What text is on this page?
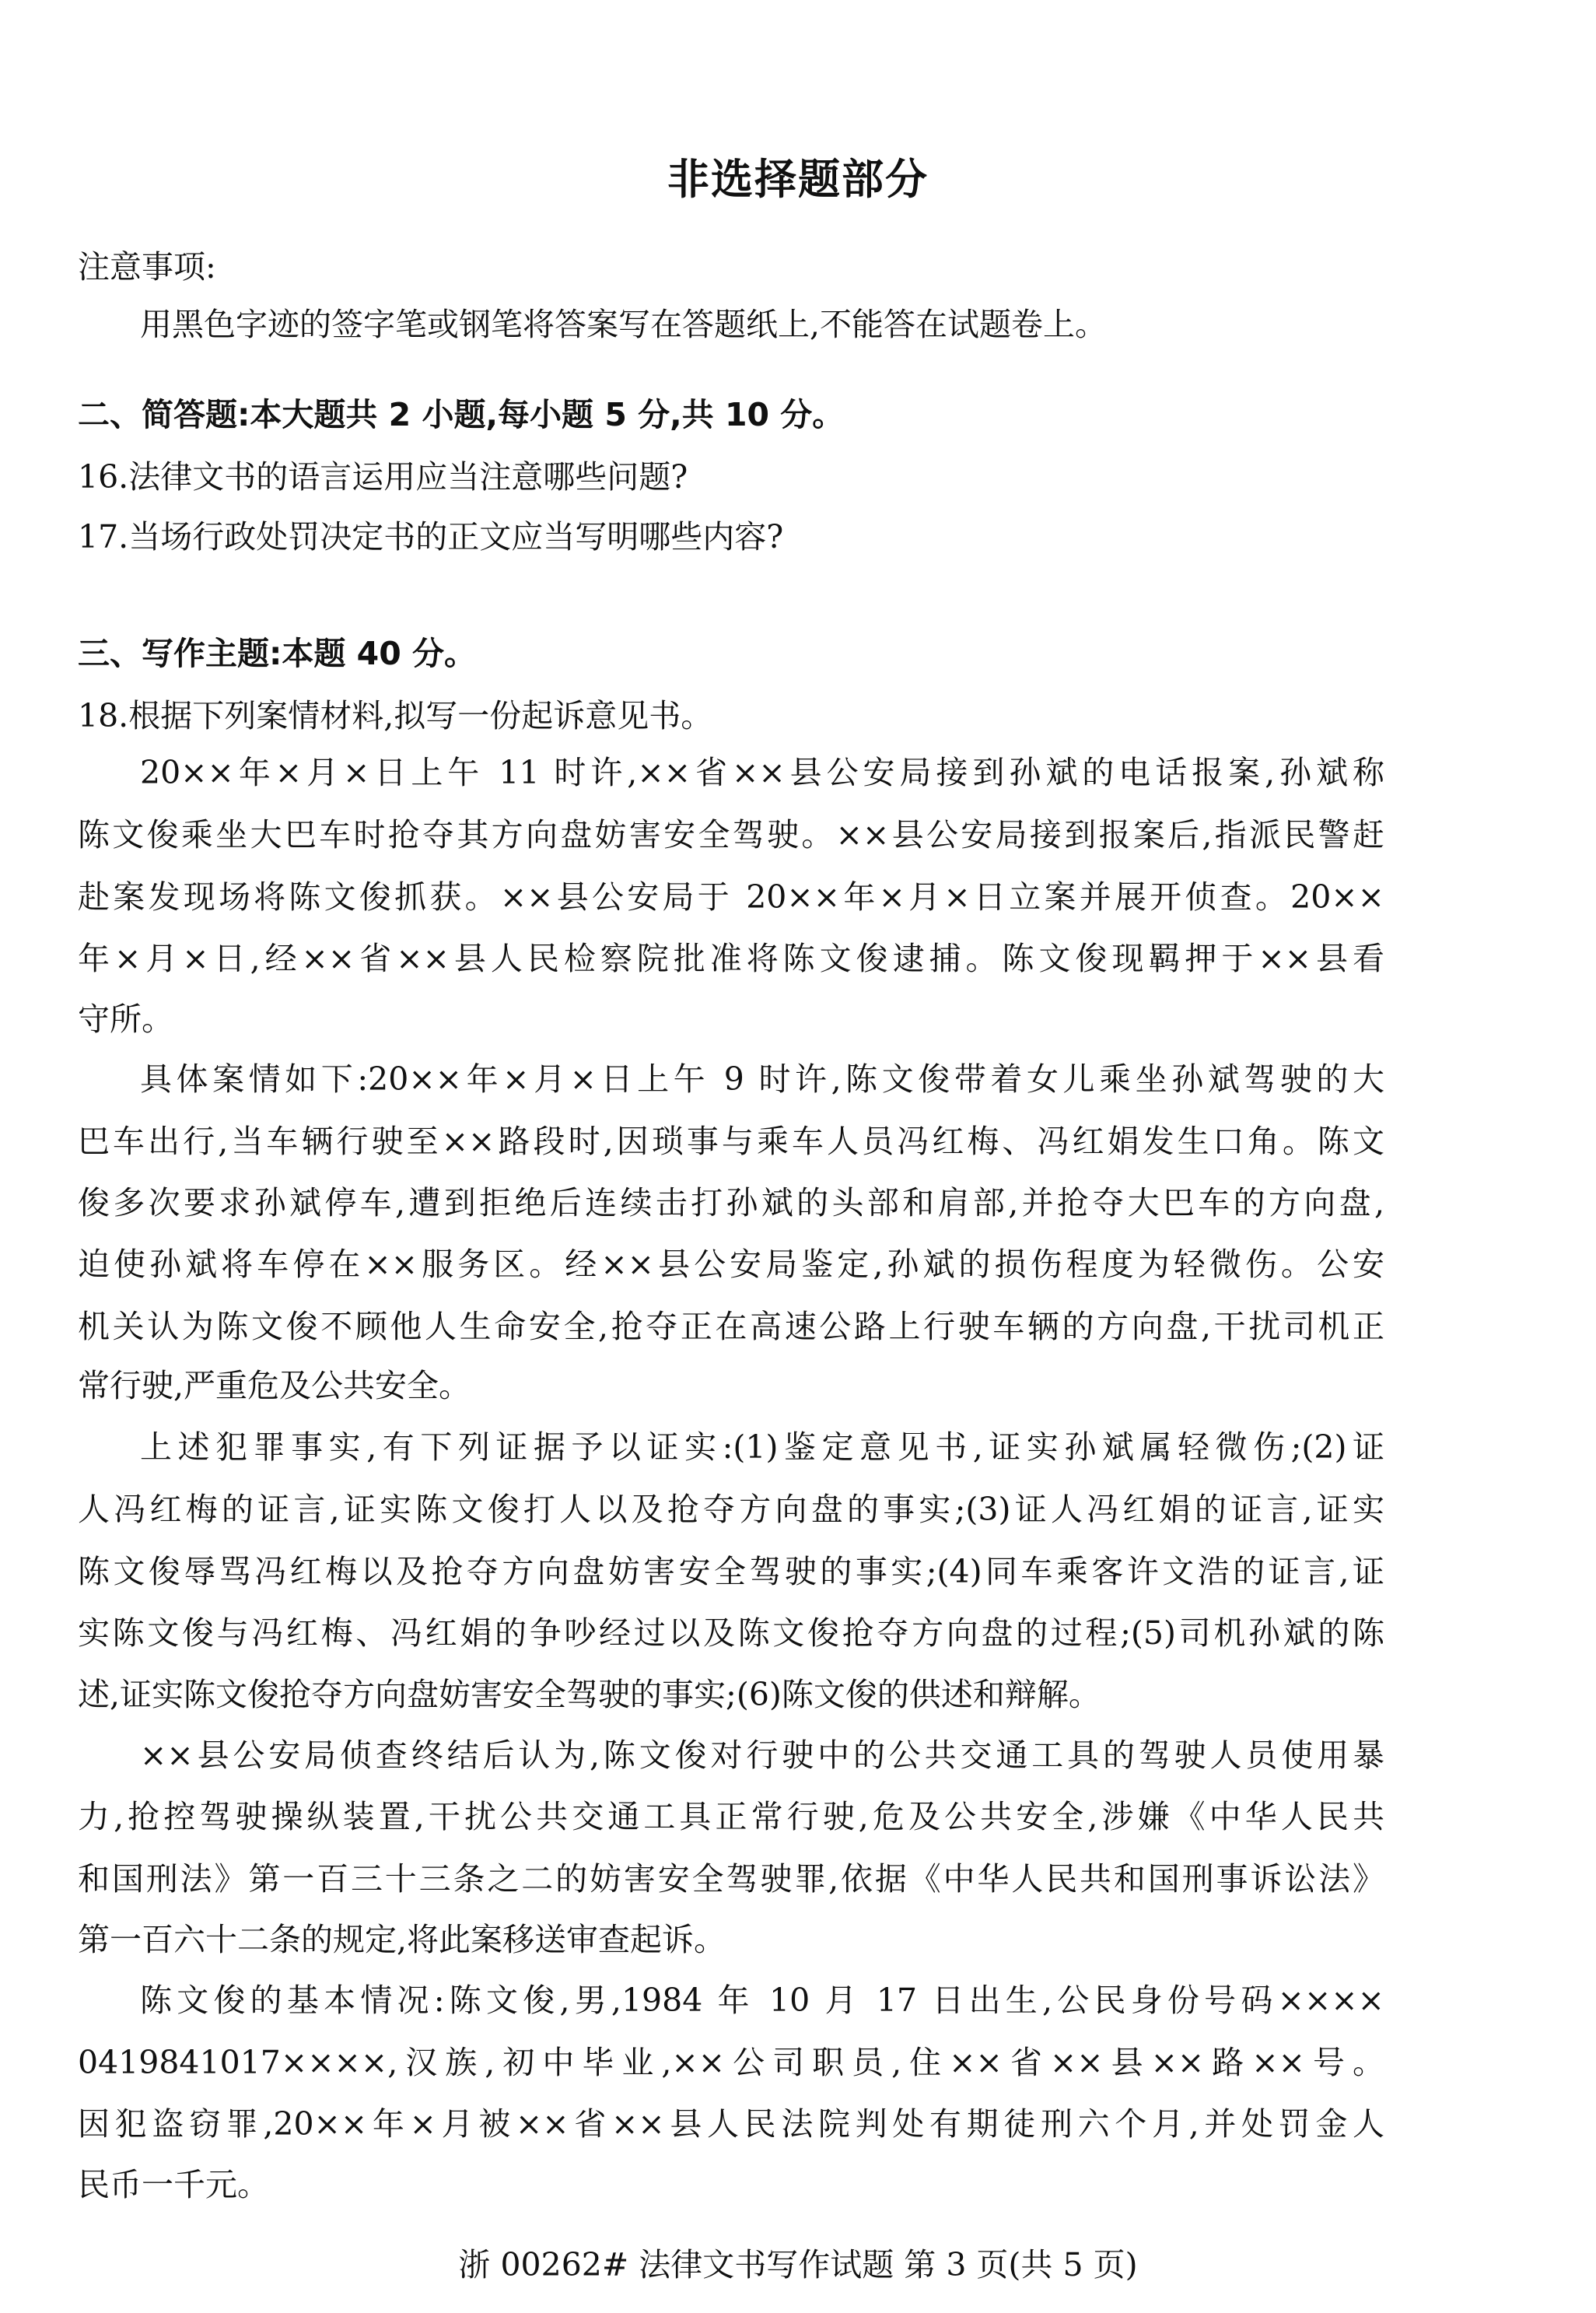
非选择题部分
注意事项:
用黑色字迹的签字笔或钢笔将答案写在答题纸上,不能答在试题卷上。
二、简答题:本大题共 2 小题,每小题 5 分,共 10 分。
16.法律文书的语言运用应当注意哪些问题?
17.当场行政处罚决定书的正文应当写明哪些内容?
三、写作主题:本题 40 分。
18.根据下列案情材料,拟写一份起诉意见书。
20××年×月×日上午 11 时许,××省××县公安局接到孙斌的电话报案,孙斌称
陈文俊乘坐大巴车时抢夺其方向盘妨害安全驾驶。××县公安局接到报案后,指派民警赶
赴案发现场将陈文俊抓获。××县公安局于 20××年×月×日立案并展开侦查。20××
年×月×日,经××省××县人民检察院批准将陈文俊逮捕。陈文俊现羁押于××县看
守所。
具体案情如下:20××年×月×日上午 9 时许,陈文俊带着女儿乘坐孙斌驾驶的大
巴车出行,当车辆行驶至××路段时,因琐事与乘车人员冯红梅、冯红娟发生口角。陈文
俊多次要求孙斌停车,遭到拒绝后连续击打孙斌的头部和肩部,并抢夺大巴车的方向盘,
迫使孙斌将车停在××服务区。经××县公安局鉴定,孙斌的损伤程度为轻微伤。公安
机关认为陈文俊不顾他人生命安全,抢夺正在高速公路上行驶车辆的方向盘,干扰司机正
常行驶,严重危及公共安全。
上述犯罪事实,有下列证据予以证实:(1)鉴定意见书,证实孙斌属轻微伤;(2)证
人冯红梅的证言,证实陈文俊打人以及抢夺方向盘的事实;(3)证人冯红娟的证言,证实
陈文俊辱骂冯红梅以及抢夺方向盘妨害安全驾驶的事实;(4)同车乘客许文浩的证言,证
实陈文俊与冯红梅、冯红娟的争吵经过以及陈文俊抢夺方向盘的过程;(5)司机孙斌的陈
述,证实陈文俊抢夺方向盘妨害安全驾驶的事实;(6)陈文俊的供述和辩解。
××县公安局侦查终结后认为,陈文俊对行驶中的公共交通工具的驾驶人员使用暴
力,抢控驾驶操纵装置,干扰公共交通工具正常行驶,危及公共安全,涉嫌《中华人民共
和国刑法》第一百三十三条之二的妨害安全驾驶罪,依据《中华人民共和国刑事诉讼法》
第一百六十二条的规定,将此案移送审查起诉。
陈文俊的基本情况:陈文俊,男,1984 年 10 月 17 日出生,公民身份号码××××
0419841017××××,汉族,初中毕业,××公司职员,住××省××县××路××号。
因犯盗窃罪,20××年×月被××省××县人民法院判处有期徒刑六个月,并处罚金人
民币一千元。
浙 00262# 法律文书写作试题 第 3 页(共 5 页)
